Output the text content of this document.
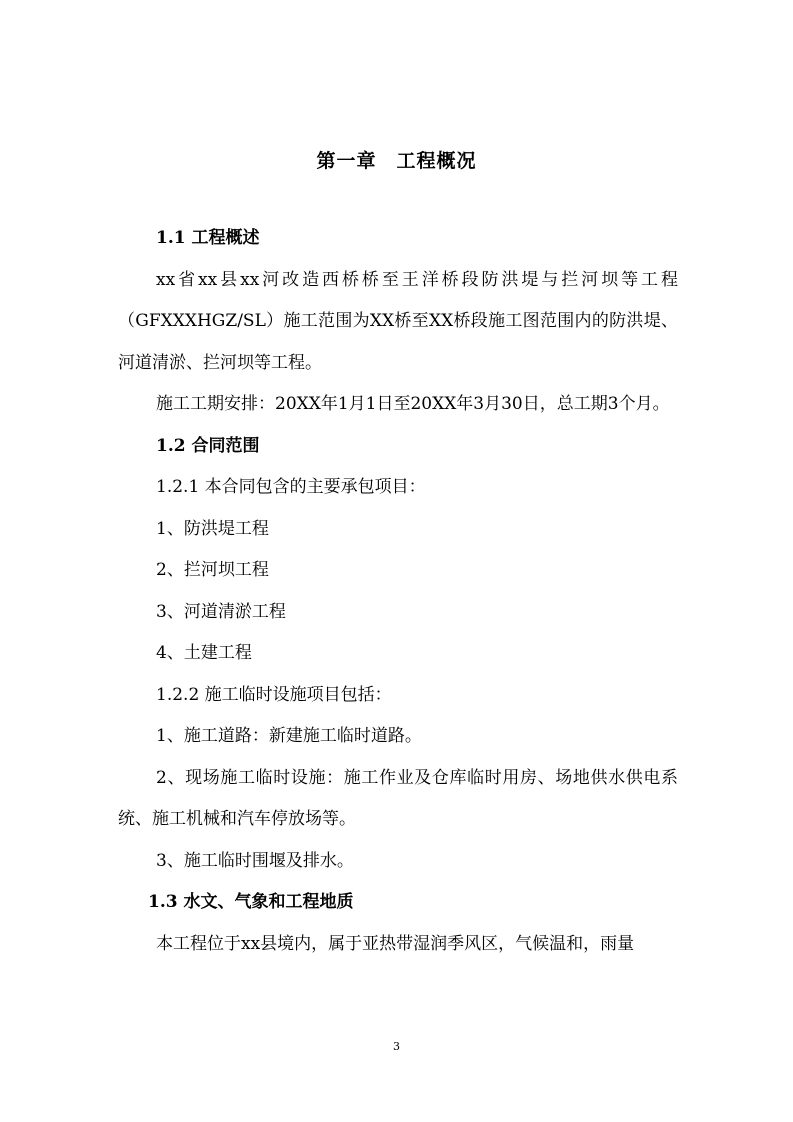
第一章 工程概况

1.1 工程概述

xx省xx县xx河改造西桥桥至王洋桥段防洪堤与拦河坝等工程（GFXXXHGZ/SL）施工范围为XX桥至XX桥段施工图范围内的防洪堤、河道清淤、拦河坝等工程。

施工工期安排：20XX年1月1日至20XX年3月30日，总工期3个月。

1.2 合同范围

1.2.1 本合同包含的主要承包项目：

1、防洪堤工程

2、拦河坝工程

3、河道清淤工程

4、土建工程

1.2.2 施工临时设施项目包括：

1、施工道路：新建施工临时道路。

2、现场施工临时设施：施工作业及仓库临时用房、场地供水供电系统、施工机械和汽车停放场等。

3、施工临时围堰及排水。

1.3 水文、气象和工程地质

本工程位于xx县境内，属于亚热带湿润季风区，气候温和，雨量

3
